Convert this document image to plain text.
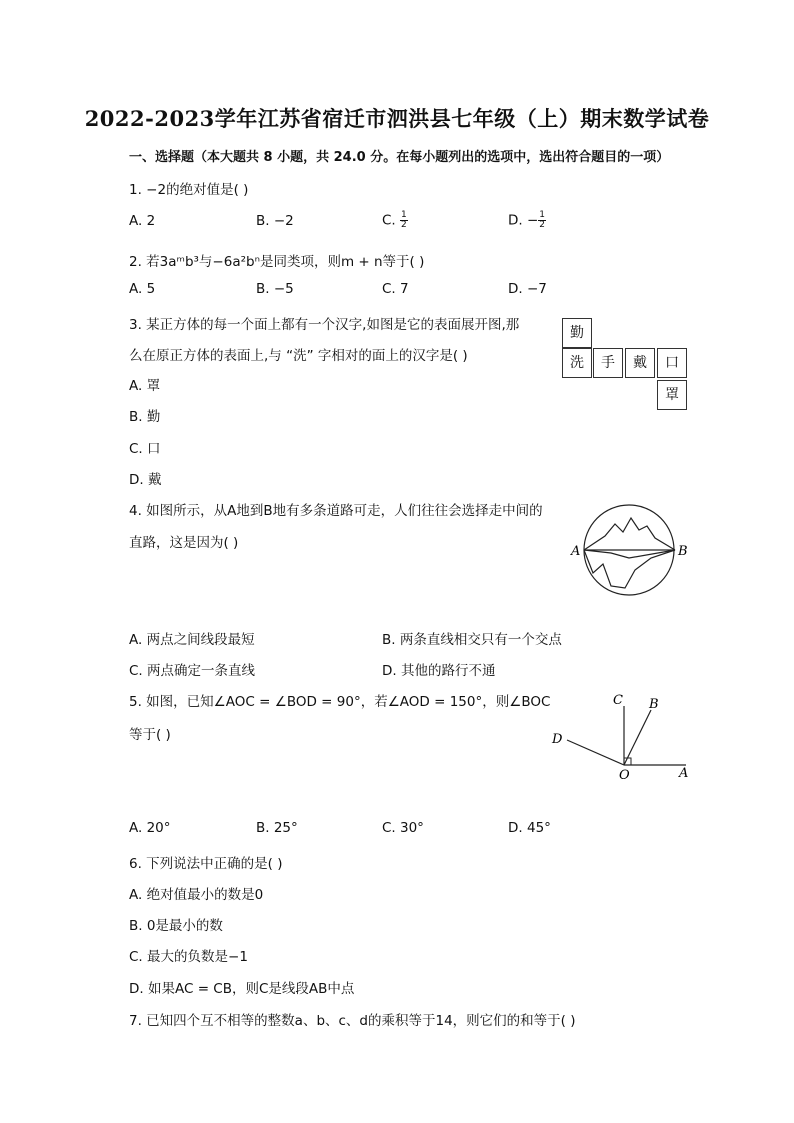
2022-2023学年江苏省宿迁市泗洪县七年级（上）期末数学试卷
一、选择题（本大题共 8 小题，共 24.0 分。在每小题列出的选项中，选出符合题目的一项）
1. −2的绝对值是( )
A. 2	B. −2	C. $\frac{1}{2}$	D. − $\frac{1}{2}$
2. 若3aᵐb³与−6a²bⁿ是同类项，则m + n等于( )
A. 5	B. −5	C. 7	D. −7
3. 某正方体的每一个面上都有一个汉字,如图是它的表面展开图,那
么在原正方体的表面上,与 “洗” 字相对的面上的汉字是( )
A. 罩
B. 勤
C. 口
D. 戴
勤
洗	手	戴	口
罩
4. 如图所示，从A地到B地有多条道路可走，人们往往会选择走中间的
直路，这是因为( )
A	B
A. 两点之间线段最短	B. 两条直线相交只有一个交点
C. 两点确定一条直线	D. 其他的路行不通
5. 如图，已知∠AOC = ∠BOD = 90°，若∠AOD = 150°，则∠BOC
等于( )
C B
D
O	A
A. 20°	B. 25°	C. 30°	D. 45°
6. 下列说法中正确的是( )
A. 绝对值最小的数是0
B. 0是最小的数
C. 最大的负数是−1
D. 如果AC = CB，则C是线段AB中点
7. 已知四个互不相等的整数a、b、c、d的乘积等于14，则它们的和等于( )
